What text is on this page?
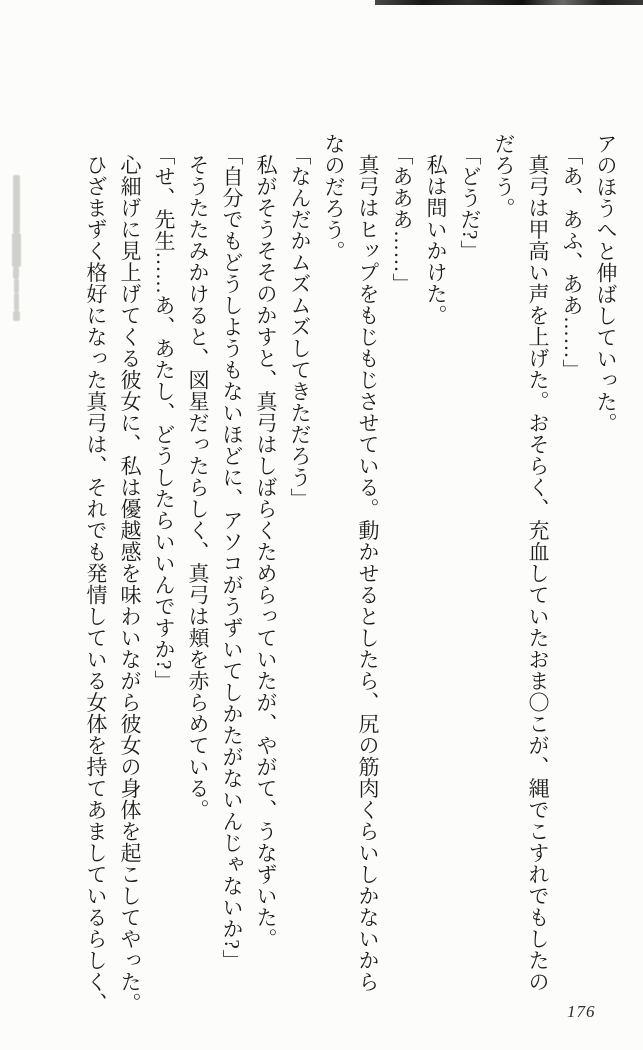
アのほうへと伸ばしていった。

「あ、あふ、ああ……」

真弓は甲高い声を上げた。おそらく、充血していたおま〇こが、縄でこすれでもしたの

だろう。

「どうだ?」

私は問いかけた。

「あああ……」

真弓はヒップをもじもじさせている。動かせるとしたら、尻の筋肉くらいしかないから

なのだろう。

「なんだかムズムズしてきただろう」

私がそうそそのかすと、真弓はしばらくためらっていたが、やがて、うなずいた。

「自分でもどうしようもないほどに、アソコがうずいてしかたがないんじゃないか?」

そうたたみかけると、図星だったらしく、真弓は頬を赤らめている。

「せ、先生……あ、あたし、どうしたらいいんですか?」

心細げに見上げてくる彼女に、私は優越感を味わいながら彼女の身体を起こしてやった。

ひざまずく格好になった真弓は、それでも発情している女体を持てあましているらしく、	176
